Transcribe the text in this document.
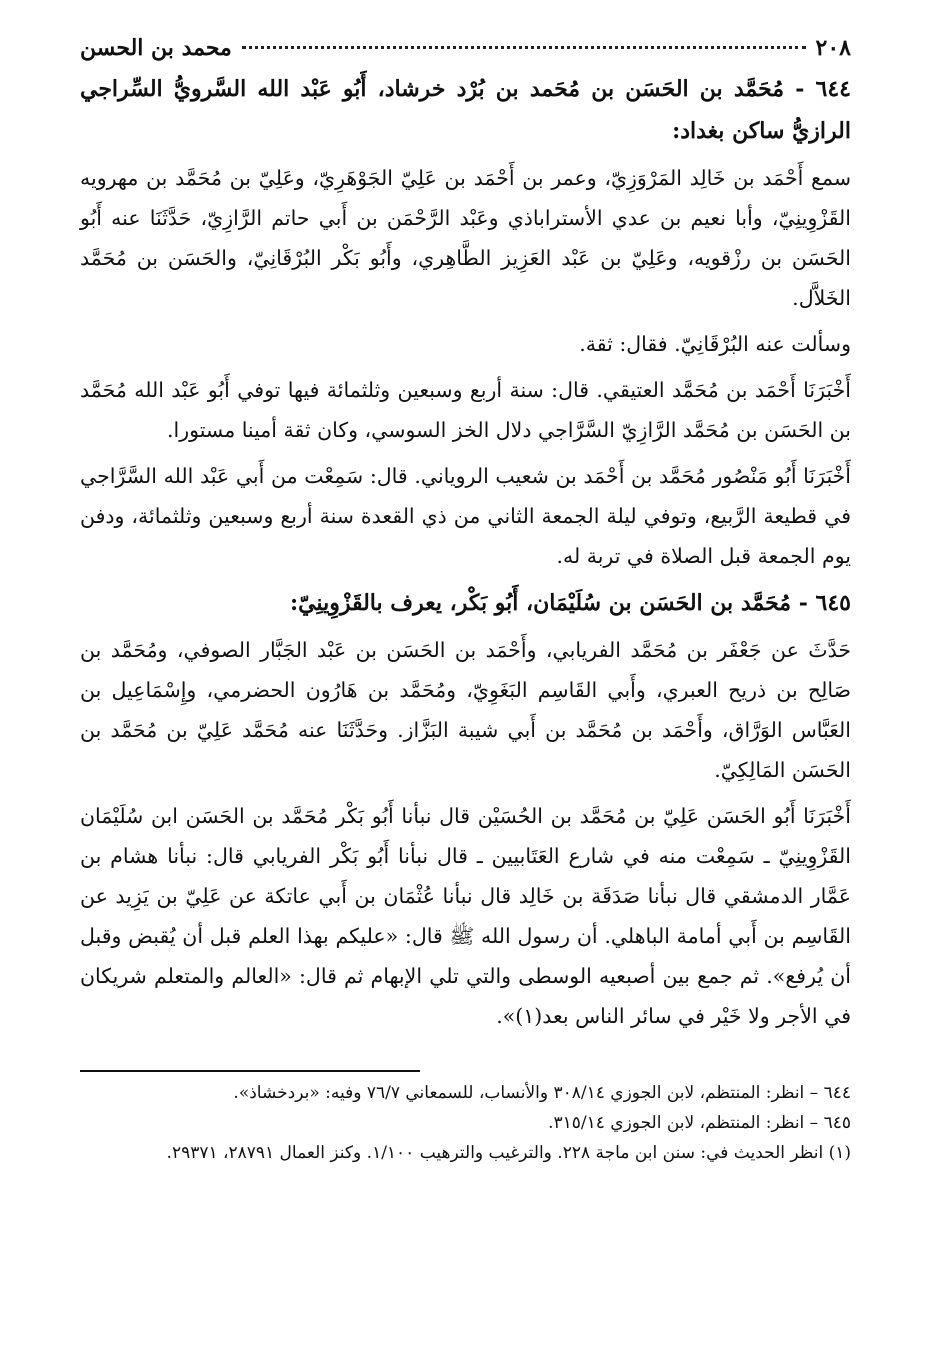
٢٠٨
محمد بن الحسن

٦٤٤ - مُحَمَّد بن الحَسَن بن مُحَمد بن بُرْد خرشاد، أَبُو عَبْد الله السَّرويُّ السِّراجي الرازيُّ ساكن بغداد:

سمع أَحْمَد بن خَالِد المَرْوَزِيّ، وعمر بن أَحْمَد بن عَلِيّ الجَوْهَرِيّ، وعَلِيّ بن مُحَمَّد بن مهرويه القَزْوِينِيّ، وأبا نعيم بن عدي الأستراباذي وعَبْد الرَّحْمَن بن أَبي حاتم الرَّازِيّ، حَدَّثَنَا عنه أَبُو الحَسَن بن رزْقويه، وعَلِيّ بن عَبْد العَزِيز الطَّاهِري، وأَبُو بَكْر البُرْقَانِيّ، والحَسَن بن مُحَمَّد الخَلاَّل.

وسألت عنه البُرْقَانِيّ. فقال: ثقة.

أَخْبَرَنَا أَحْمَد بن مُحَمَّد العتيقي. قال: سنة أربع وسبعين وثلثمائة فيها توفي أَبُو عَبْد الله مُحَمَّد بن الحَسَن بن مُحَمَّد الرَّازِيّ السَّرَّاجي دلال الخز السوسي، وكان ثقة أمينا مستورا.

أَخْبَرَنَا أَبُو مَنْصُور مُحَمَّد بن أَحْمَد بن شعيب الروياني. قال: سَمِعْت من أَبي عَبْد الله السَّرَّاجي في قطيعة الرَّبيع، وتوفي ليلة الجمعة الثاني من ذي القعدة سنة أربع وسبعين وثلثمائة، ودفن يوم الجمعة قبل الصلاة في تربة له.

٦٤٥ - مُحَمَّد بن الحَسَن بن سُلَيْمَان، أَبُو بَكْر، يعرف بالقَزْوِينِيّ:

حَدَّثَ عن جَعْفَر بن مُحَمَّد الفريابي، وأَحْمَد بن الحَسَن بن عَبْد الجَبَّار الصوفي، ومُحَمَّد بن صَالِح بن ذريح العبري، وأَبي القَاسِم البَغَوِيّ، ومُحَمَّد بن هَارُون الحضرمي، وإِسْمَاعِيل بن العَبَّاس الوَرَّاق، وأَحْمَد بن مُحَمَّد بن أَبي شيبة البَزَّاز. وحَدَّثَنَا عنه مُحَمَّد عَلِيّ بن مُحَمَّد بن الحَسَن المَالِكِيّ.

أَخْبَرَنَا أَبُو الحَسَن عَلِيّ بن مُحَمَّد بن الحُسَيْن قال نبأنا أَبُو بَكْر مُحَمَّد بن الحَسَن ابن سُلَيْمَان القَزْوِينِيّ ـ سَمِعْت منه في شارع العَتَابيين ـ قال نبأنا أَبُو بَكْر الفريابي قال: نبأنا هشام بن عَمَّار الدمشقي قال نبأنا صَدَقَة بن خَالِد قال نبأنا عُثْمَان بن أَبي عاتكة عن عَلِيّ بن يَزِيد عن القَاسِم بن أَبي أمامة الباهلي. أن رسول الله ﷺ قال: «عليكم بهذا العلم قبل أن يُقبض وقبل أن يُرفع». ثم جمع بين أصبعيه الوسطى والتي تلي الإبهام ثم قال: «العالم والمتعلم شريكان في الأجر ولا خَيْر في سائر الناس بعد(١)».

٦٤٤ – انظر: المنتظم، لابن الجوزي ٣٠٨/١٤ والأنساب، للسمعاني ٧٦/٧ وفيه: «بردخشاذ».

٦٤٥ – انظر: المنتظم، لابن الجوزي ٣١٥/١٤.

(١) انظر الحديث في: سنن ابن ماجة ٢٢٨. والترغيب والترهيب ١/١٠٠. وكنز العمال ٢٨٧٩١، ٢٩٣٧١.
